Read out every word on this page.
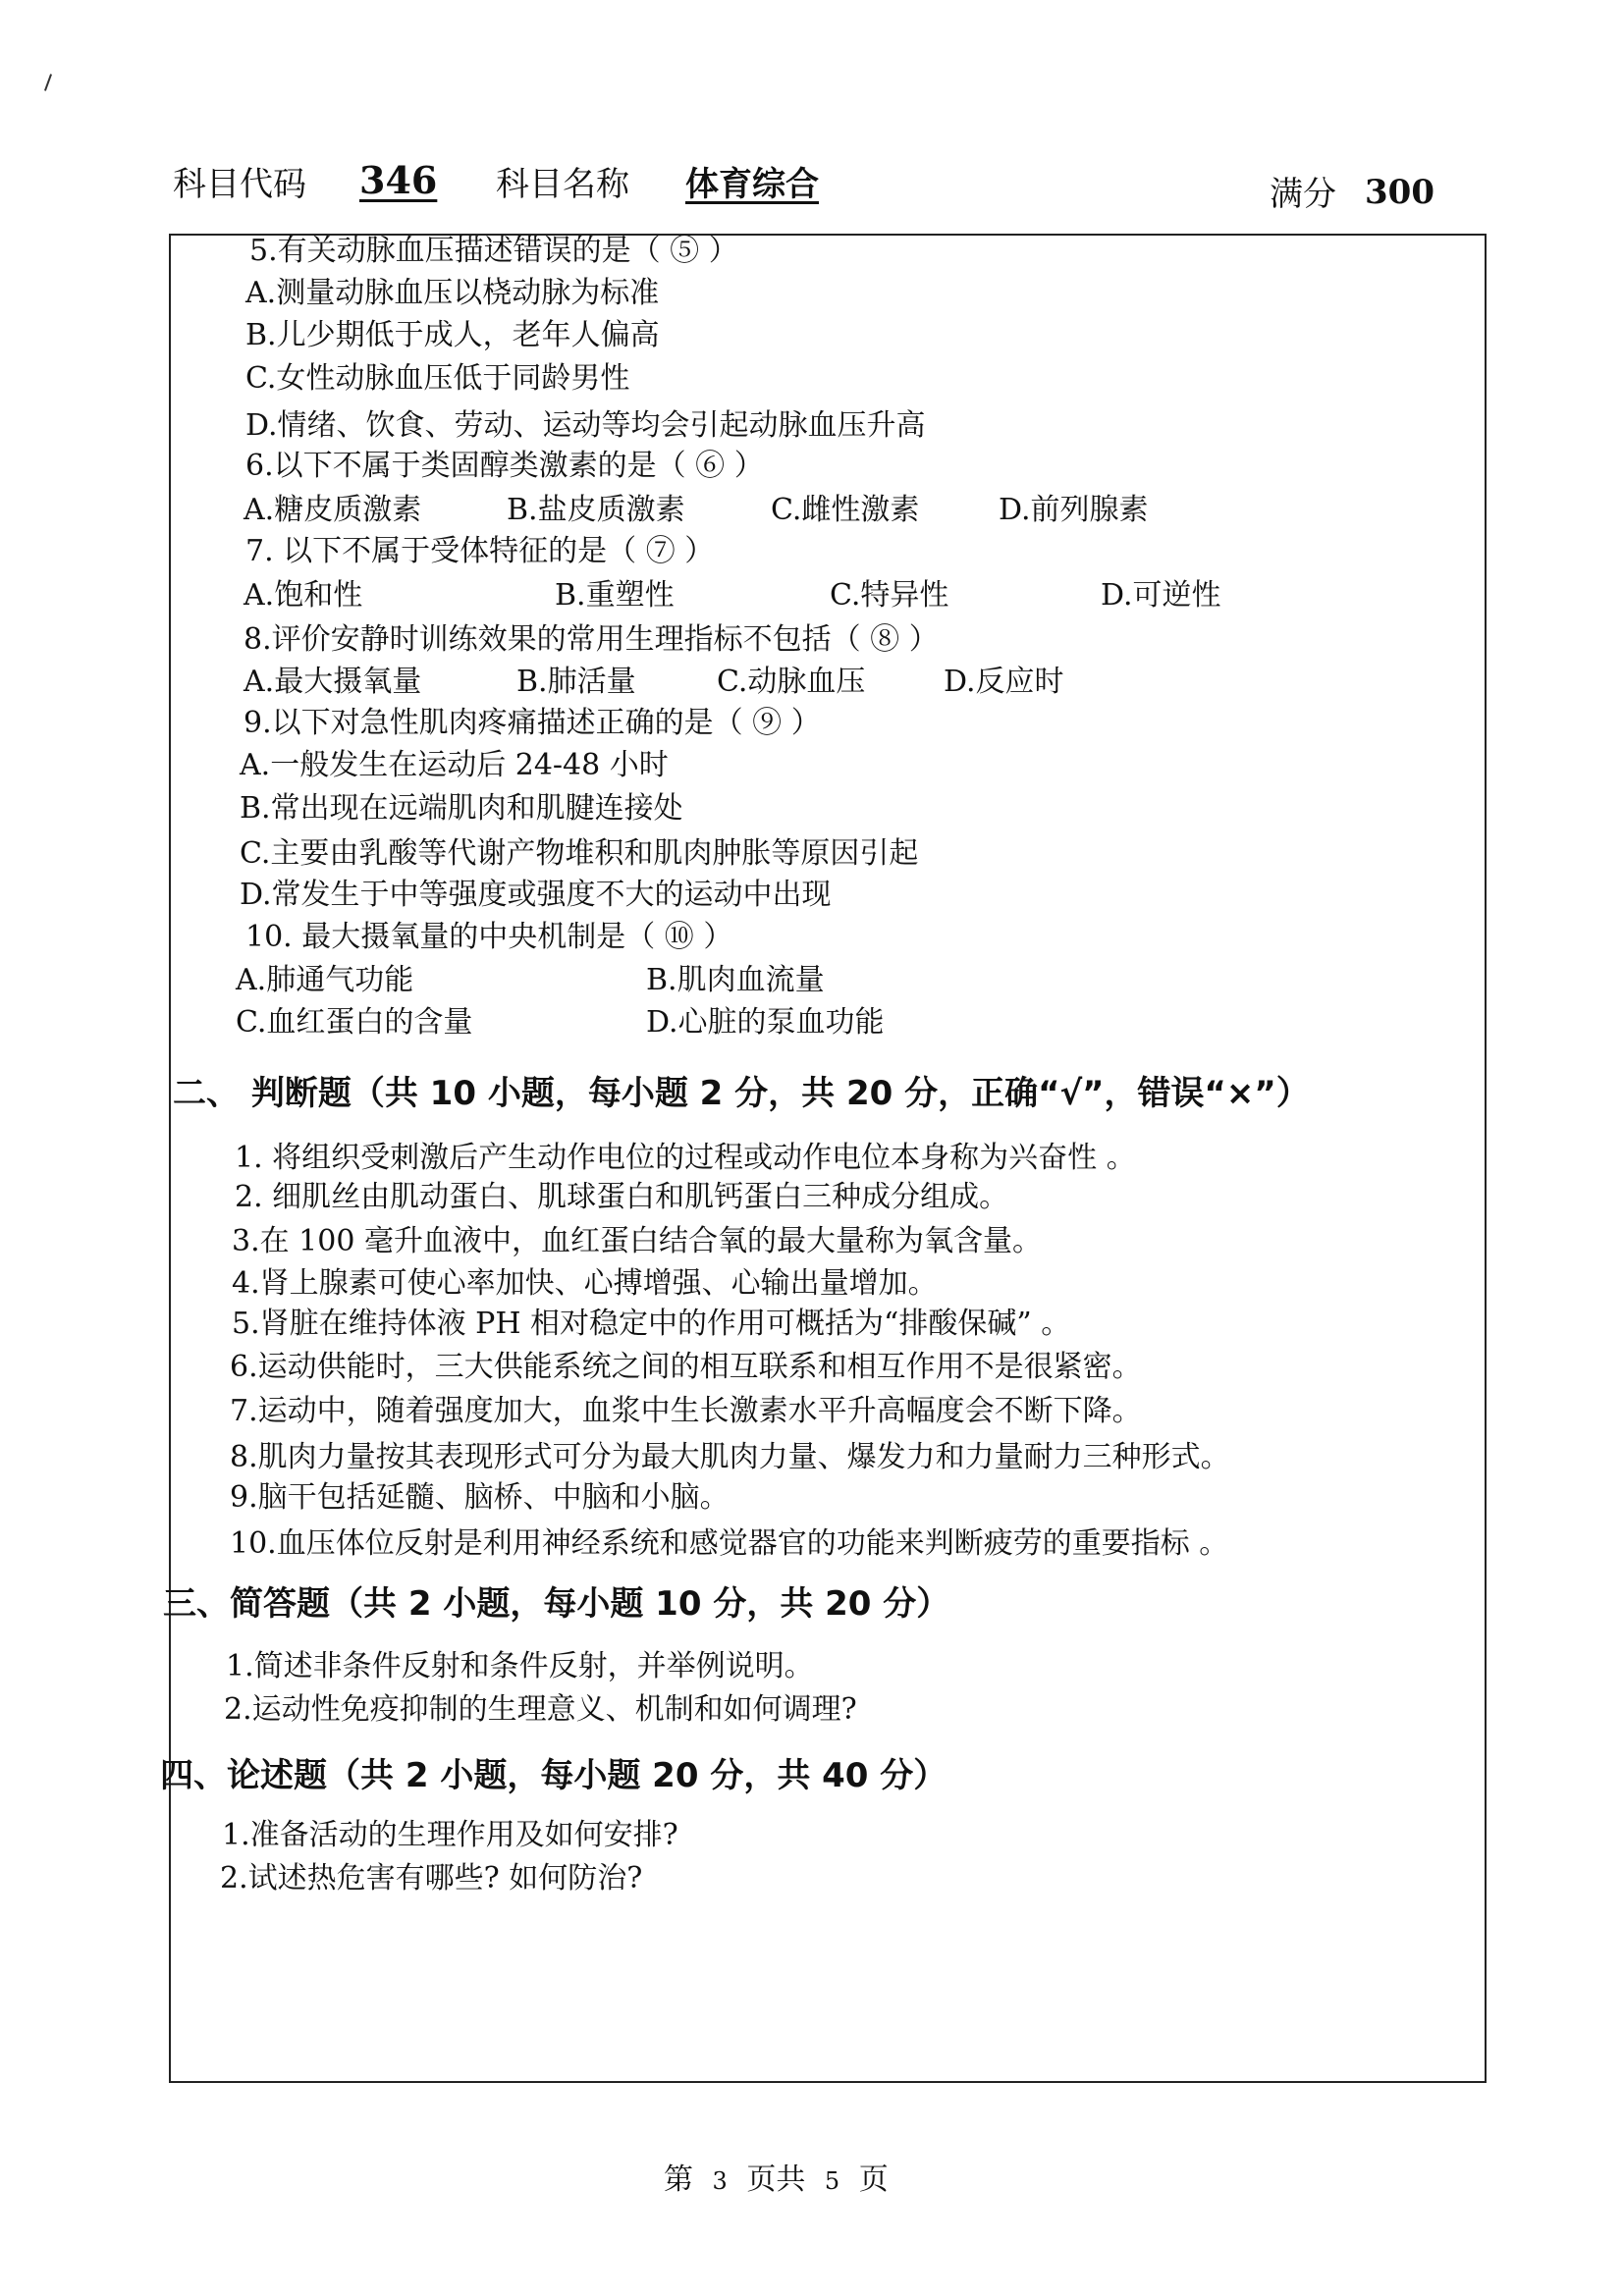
科目代码 346 科目名称 体育综合	满分 300
5.有关动脉血压描述错误的是（ ⑤ ）
A.测量动脉血压以桡动脉为标准
B.儿少期低于成人，老年人偏高
C.女性动脉血压低于同龄男性
D.情绪、饮食、劳动、运动等均会引起动脉血压升高
6.以下不属于类固醇类激素的是（ ⑥ ）
A.糖皮质激素	B.盐皮质激素	C.雌性激素	D.前列腺素
7. 以下不属于受体特征的是（ ⑦ ）
A.饱和性	B.重塑性	C.特异性	D.可逆性
8.评价安静时训练效果的常用生理指标不包括（ ⑧ ）
A.最大摄氧量	B.肺活量	C.动脉血压	D.反应时
9.以下对急性肌肉疼痛描述正确的是（ ⑨ ）
A.一般发生在运动后 24-48 小时
B.常出现在远端肌肉和肌腱连接处
C.主要由乳酸等代谢产物堆积和肌肉肿胀等原因引起
D.常发生于中等强度或强度不大的运动中出现
10. 最大摄氧量的中央机制是（ ⑩ ）
A.肺通气功能	B.肌肉血流量
C.血红蛋白的含量	D.心脏的泵血功能
二、 判断题（共 10 小题，每小题 2 分，共 20 分，正确“√”，错误“×”）
1. 将组织受刺激后产生动作电位的过程或动作电位本身称为兴奋性 。
2. 细肌丝由肌动蛋白、肌球蛋白和肌钙蛋白三种成分组成。
3.在 100 毫升血液中，血红蛋白结合氧的最大量称为氧含量。
4.肾上腺素可使心率加快、心搏增强、心输出量增加。
5.肾脏在维持体液 PH 相对稳定中的作用可概括为“排酸保碱” 。
6.运动供能时，三大供能系统之间的相互联系和相互作用不是很紧密。
7.运动中，随着强度加大，血浆中生长激素水平升高幅度会不断下降。
8.肌肉力量按其表现形式可分为最大肌肉力量、爆发力和力量耐力三种形式。
9.脑干包括延髓、脑桥、中脑和小脑。
10.血压体位反射是利用神经系统和感觉器官的功能来判断疲劳的重要指标 。
三、简答题（共 2 小题，每小题 10 分，共 20 分）
1.简述非条件反射和条件反射，并举例说明。
2.运动性免疫抑制的生理意义、机制和如何调理?
四、论述题（共 2 小题，每小题 20 分，共 40 分）
1.准备活动的生理作用及如何安排?
2.试述热危害有哪些? 如何防治?
第 3 页共 5 页
